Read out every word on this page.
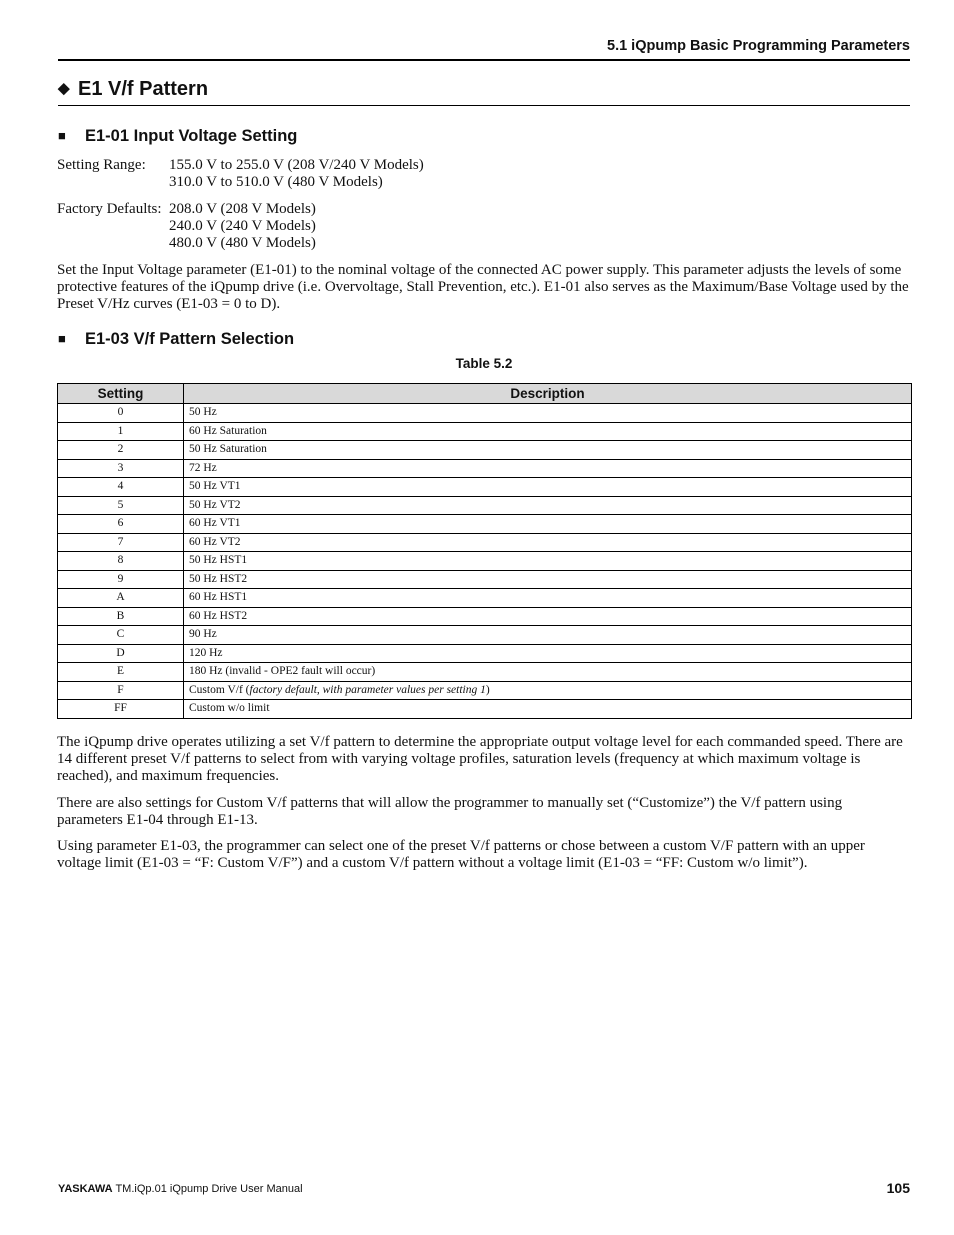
5.1 iQpump Basic Programming Parameters
◆ E1 V/f Pattern
■ E1-01 Input Voltage Setting
Setting Range: 155.0 V to 255.0 V (208 V/240 V Models)
310.0 V to 510.0 V (480 V Models)
Factory Defaults: 208.0 V (208 V Models)
240.0 V (240 V Models)
480.0 V (480 V Models)
Set the Input Voltage parameter (E1-01) to the nominal voltage of the connected AC power supply. This parameter adjusts the levels of some protective features of the iQpump drive (i.e. Overvoltage, Stall Prevention, etc.). E1-01 also serves as the Maximum/Base Voltage used by the Preset V/Hz curves (E1-03 = 0 to D).
■ E1-03 V/f Pattern Selection
Table 5.2
Setting	Description
0	50 Hz
1	60 Hz Saturation
2	50 Hz Saturation
3	72 Hz
4	50 Hz VT1
5	50 Hz VT2
6	60 Hz VT1
7	60 Hz VT2
8	50 Hz HST1
9	50 Hz HST2
A	60 Hz HST1
B	60 Hz HST2
C	90 Hz
D	120 Hz
E	180 Hz (invalid - OPE2 fault will occur)
F	Custom V/f (factory default, with parameter values per setting 1)
FF	Custom w/o limit
The iQpump drive operates utilizing a set V/f pattern to determine the appropriate output voltage level for each commanded speed. There are 14 different preset V/f patterns to select from with varying voltage profiles, saturation levels (frequency at which maximum voltage is reached), and maximum frequencies.
There are also settings for Custom V/f patterns that will allow the programmer to manually set (“Customize”) the V/f pattern using parameters E1-04 through E1-13.
Using parameter E1-03, the programmer can select one of the preset V/f patterns or chose between a custom V/F pattern with an upper voltage limit (E1-03 = “F: Custom V/F”) and a custom V/f pattern without a voltage limit (E1-03 = “FF: Custom w/o limit”).
YASKAWA TM.iQp.01 iQpump Drive User Manual	105
